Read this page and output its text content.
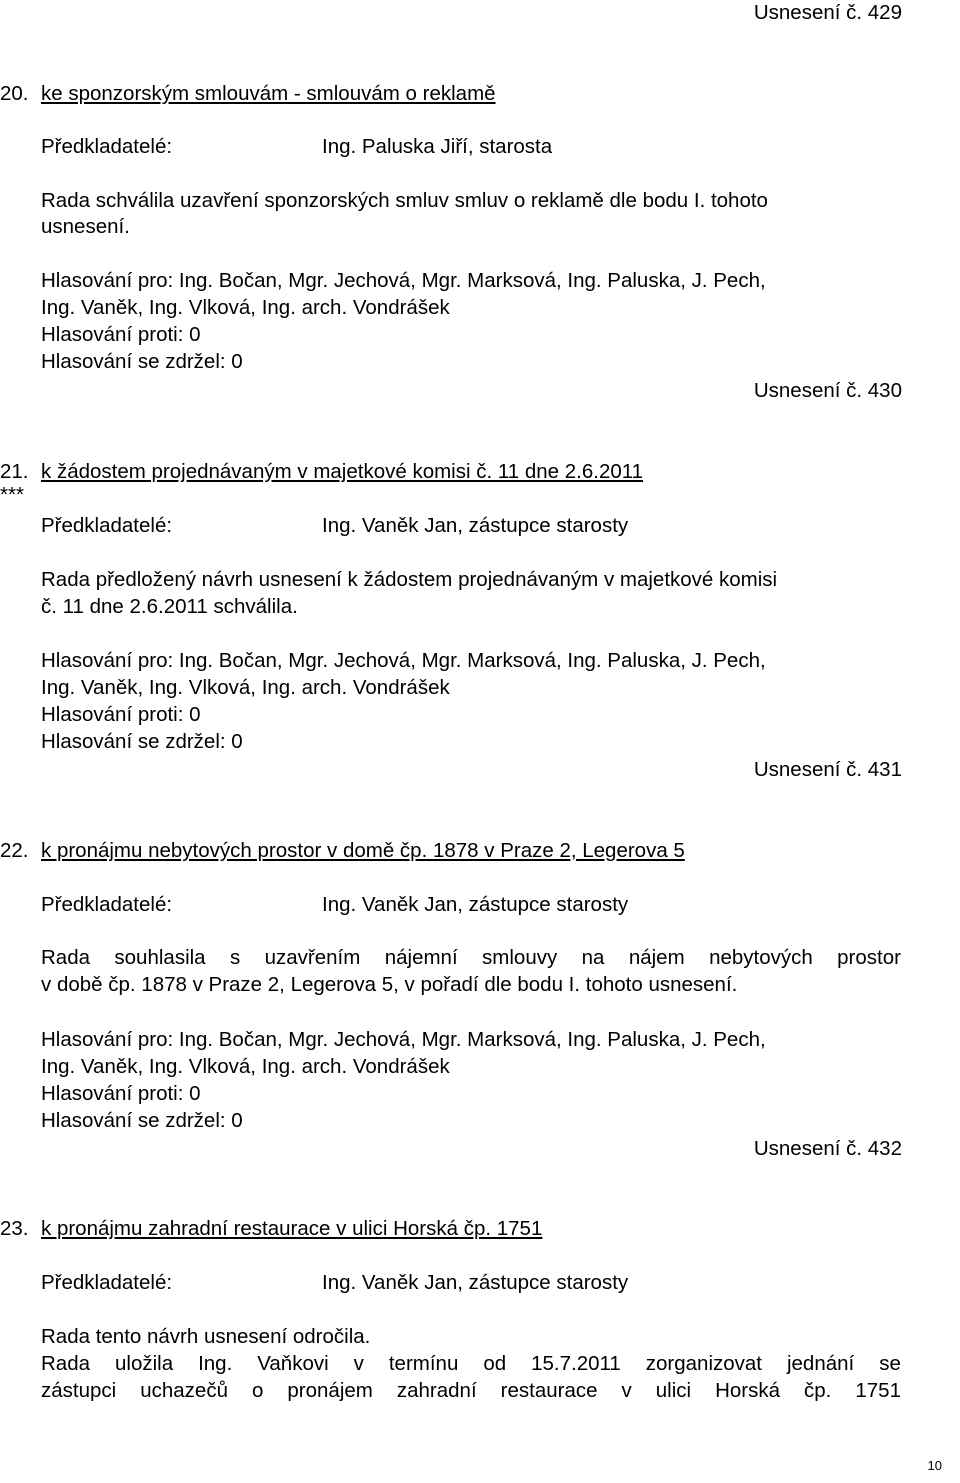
Usnesení č. 429
20. ke sponzorským smlouvám - smlouvám o reklamě
Předkladatelé:	Ing. Paluska Jiří, starosta
Rada schválila uzavření sponzorských smluv smluv o reklamě dle bodu I. tohoto
usnesení.
Hlasování pro: Ing. Bočan, Mgr. Jechová, Mgr. Marksová, Ing. Paluska, J. Pech,
Ing. Vaněk, Ing. Vlková, Ing. arch. Vondrášek
Hlasování proti: 0
Hlasování se zdržel: 0
Usnesení č. 430
21. k žádostem projednávaným v majetkové komisi č. 11 dne 2.6.2011
***
Předkladatelé:	Ing. Vaněk Jan, zástupce starosty
Rada předložený návrh usnesení k žádostem projednávaným v majetkové komisi
č. 11 dne 2.6.2011 schválila.
Hlasování pro: Ing. Bočan, Mgr. Jechová, Mgr. Marksová, Ing. Paluska, J. Pech,
Ing. Vaněk, Ing. Vlková, Ing. arch. Vondrášek
Hlasování proti: 0
Hlasování se zdržel: 0
Usnesení č. 431
22. k pronájmu nebytových prostor v domě čp. 1878 v Praze 2, Legerova 5
Předkladatelé:	Ing. Vaněk Jan, zástupce starosty
Rada souhlasila s uzavřením nájemní smlouvy na nájem nebytových prostor
v době čp. 1878 v Praze 2, Legerova 5, v pořadí dle bodu I. tohoto usnesení.
Hlasování pro: Ing. Bočan, Mgr. Jechová, Mgr. Marksová, Ing. Paluska, J. Pech,
Ing. Vaněk, Ing. Vlková, Ing. arch. Vondrášek
Hlasování proti: 0
Hlasování se zdržel: 0
Usnesení č. 432
23. k pronájmu zahradní restaurace v ulici Horská čp. 1751
Předkladatelé:	Ing. Vaněk Jan, zástupce starosty
Rada tento návrh usnesení odročila.
Rada uložila Ing. Vaňkovi v termínu od 15.7.2011 zorganizovat jednání se
zástupci uchazečů o pronájem zahradní restaurace v ulici Horská čp. 1751
10
